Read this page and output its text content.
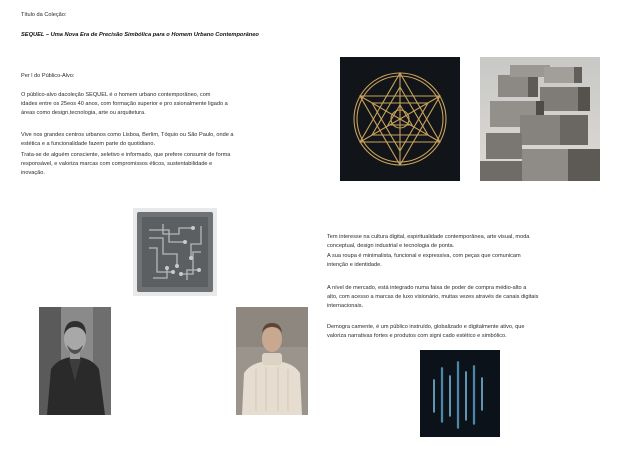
Título da Coleção:
SEQUEL – Uma Nova Era de Precisão Simbólica para o Homem Urbano Contemporâneo
Per l do Público-Alvo:
O público-alvo dacoleção SEQUEL é o homem urbano contemporâneo, com
idades entre os 25eos 40 anos, com formação superior e pro ssionalmente ligado a
áreas como design,tecnologia, arte ou arquitetura.
Vive nos grandes centros urbanos como Lisboa, Berlim, Tóquio ou São Paulo, onde a
estética e a funcionalidade fazem parte do quotidiano.
Trata-se de alguém consciente, seletivo e informado, que prefere consumir de forma
responsável, e valoriza marcas com compromissos éticos, sustentabilidade e
inovação.
Tem interesse na cultura digital, espiritualidade contemporânea, arte visual, moda
conceptual, design industrial e tecnologia de ponta.
A sua roupa é minimalista, funcional e expressiva, com peças que comunicam
intenção e identidade.
A nível de mercado, está integrado numa faixa de poder de compra médio-alto a
alto, com acesso a marcas de luxo visionário, muitas vezes através de canais digitais
internacionais.
Demogra camente, é um público instruído, globalizado e digitalmente ativo, que
valoriza narrativas fortes e produtos com signi cado estético e simbólico.
